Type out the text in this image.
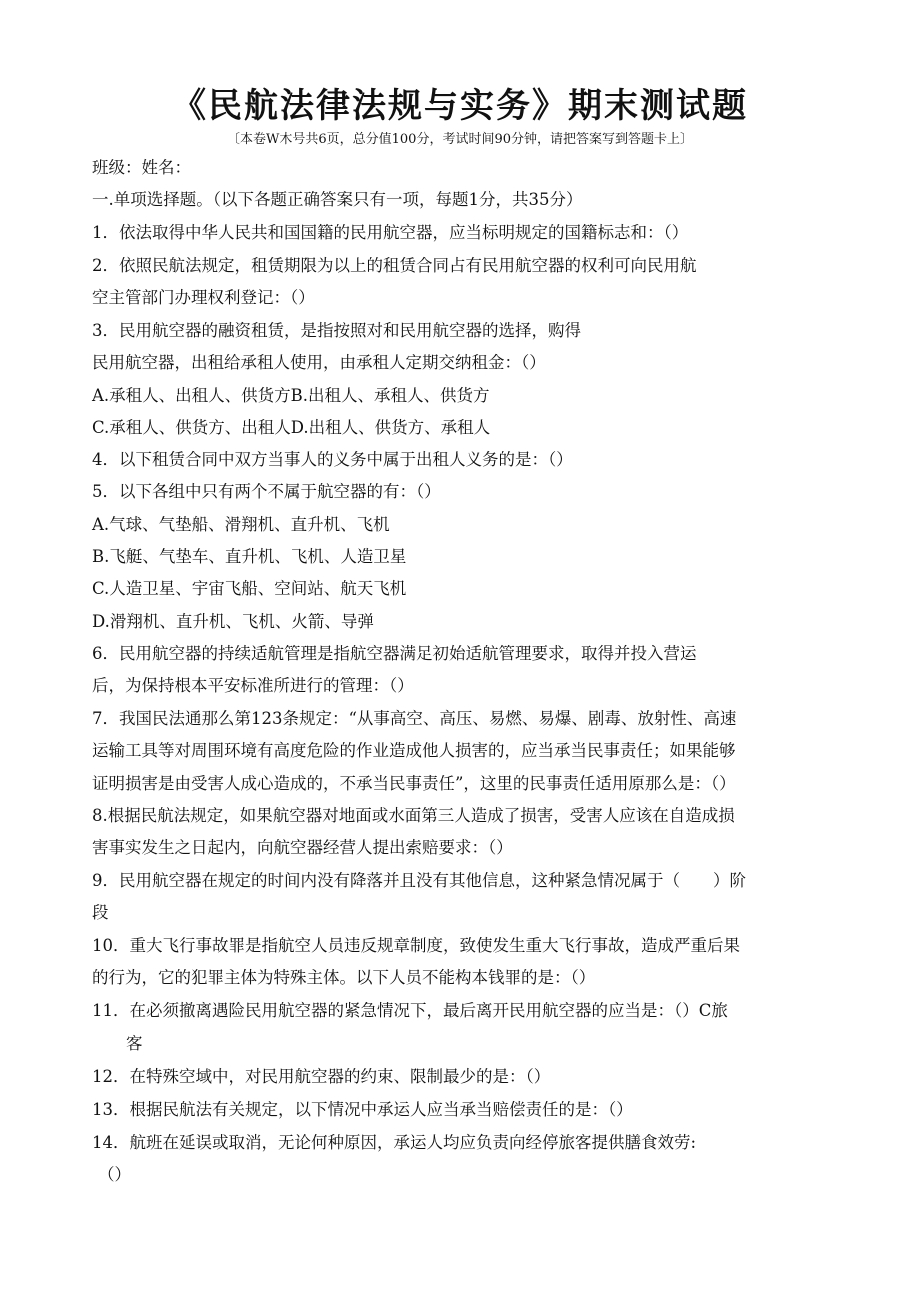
《民航法律法规与实务》期末测试题
〔本卷W木号共6页，总分值100分，考试时间90分钟，请把答案写到答题卡上〕
班级：姓名：
一.单项选择题。（以下各题正确答案只有一项，每题1分，共35分）
1．依法取得中华人民共和国国籍的民用航空器，应当标明规定的国籍标志和：（）
2．依照民航法规定，租赁期限为以上的租赁合同占有民用航空器的权利可向民用航
空主管部门办理权利登记：（）
3．民用航空器的融资租赁，是指按照对和民用航空器的选择，购得
民用航空器，出租给承租人使用，由承租人定期交纳租金：（）
A.承租人、出租人、供货方B.出租人、承租人、供货方
C.承租人、供货方、出租人D.出租人、供货方、承租人
4．以下租赁合同中双方当事人的义务中属于出租人义务的是：（）
5．以下各组中只有两个不属于航空器的有：（）
A.气球、气垫船、滑翔机、直升机、飞机
B.飞艇、气垫车、直升机、飞机、人造卫星
C.人造卫星、宇宙飞船、空间站、航天飞机
D.滑翔机、直升机、飞机、火箭、导弹
6．民用航空器的持续适航管理是指航空器满足初始适航管理要求，取得并投入营运
后，为保持根本平安标准所进行的管理：（）
7．我国民法通那么第123条规定：“从事高空、高压、易燃、易爆、剧毒、放射性、高速
运输工具等对周围环境有高度危险的作业造成他人损害的，应当承当民事责任；如果能够
证明损害是由受害人成心造成的，不承当民事责任”，这里的民事责任适用原那么是：（）
8.根据民航法规定，如果航空器对地面或水面第三人造成了损害，受害人应该在自造成损
害事实发生之日起内，向航空器经营人提出索赔要求：（）
9．民用航空器在规定的时间内没有降落并且没有其他信息，这种紧急情况属于（　　）阶
段
10．重大飞行事故罪是指航空人员违反规章制度，致使发生重大飞行事故，造成严重后果
的行为，它的犯罪主体为特殊主体。以下人员不能构本钱罪的是：（）
11．在必须撤离遇险民用航空器的紧急情况下，最后离开民用航空器的应当是：（）C旅
客
12．在特殊空域中，对民用航空器的约束、限制最少的是：（）
13．根据民航法有关规定，以下情况中承运人应当承当赔偿责任的是：（）
14．航班在延误或取消，无论何种原因，承运人均应负责向经停旅客提供膳食效劳:
（）
